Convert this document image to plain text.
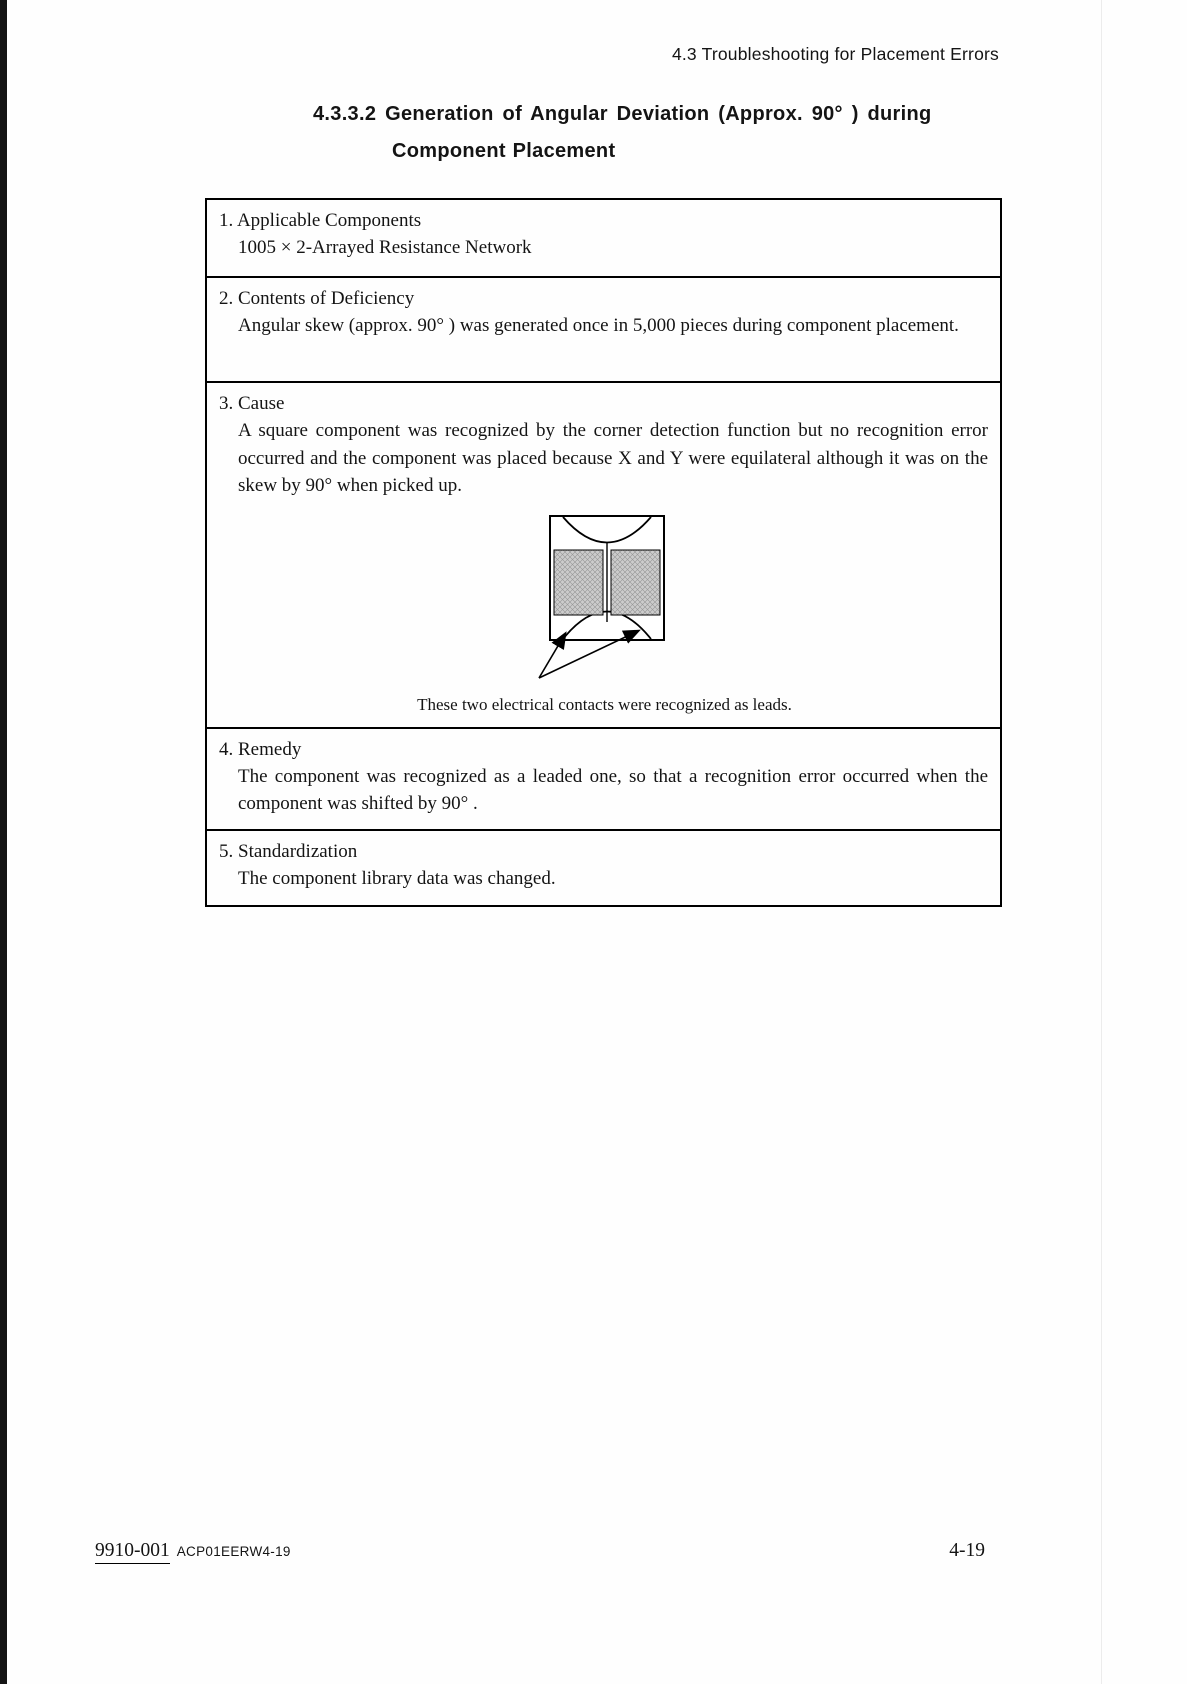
4.3 Troubleshooting for Placement Errors
4.3.3.2 Generation of Angular Deviation (Approx. 90° ) during
Component Placement
1. Applicable Components
1005 × 2-Arrayed Resistance Network
2. Contents of Deficiency
Angular skew (approx. 90° ) was generated once in 5,000 pieces during component placement.
3. Cause
A square component was recognized by the corner detection function but no recognition error occurred and the component was placed because X and Y were equilateral although it was on the skew by 90° when picked up.
These two electrical contacts were recognized as leads.
4. Remedy
The component was recognized as a leaded one, so that a recognition error occurred when the component was shifted by 90° .
5. Standardization
The component library data was changed.
9910-001 ACP01EERW4-19	4-19
